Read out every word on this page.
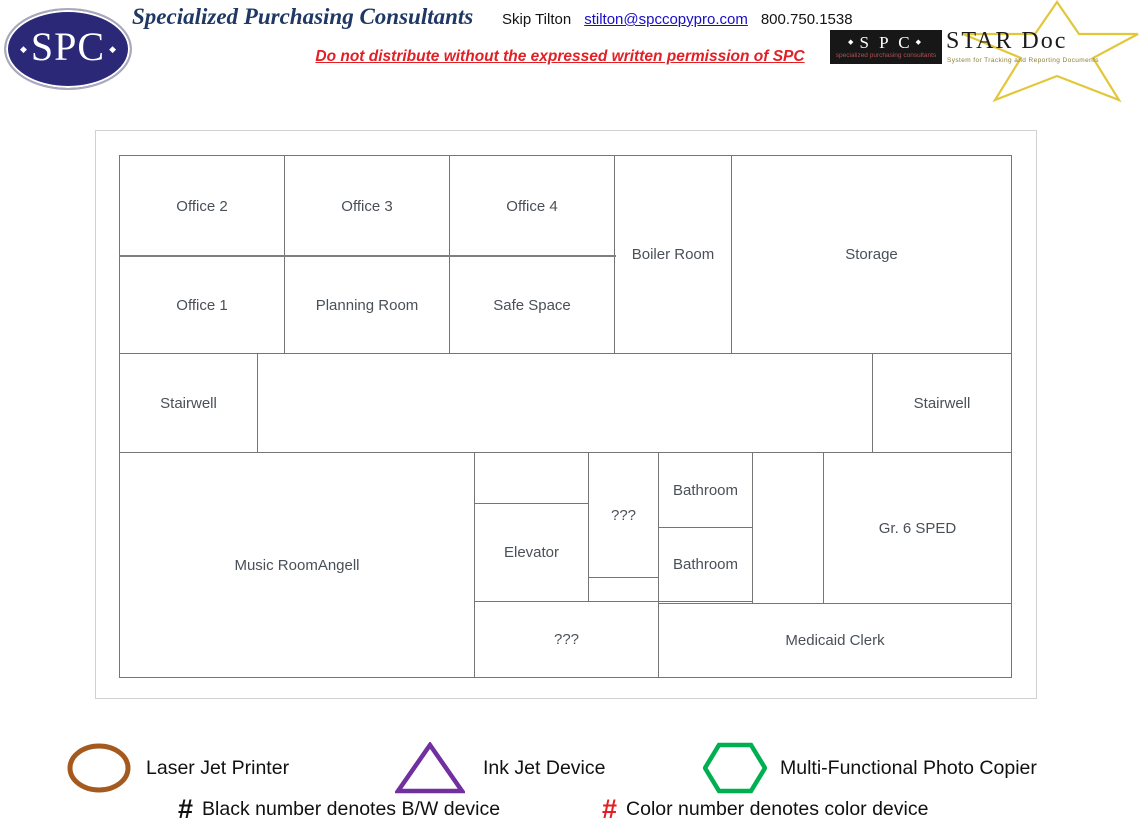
◆ SPC ◆
Specialized Purchasing Consultants Skip Tilton stilton@spccopypro.com 800.750.1538
Do not distribute without the expressed written permission of SPC
◆ S P C ◆
specialized purchasing consultants
STAR Doc
System for Tracking and Reporting Documents
Office 2	Office 3	Office 4
Office 1	Planning Room	Safe Space
Boiler Room	Storage
Stairwell	Stairwell
Music RoomAngell
Elevator
???
Bathroom
Bathroom
Gr. 6 SPED
???	Medicaid Clerk
Laser Jet Printer	Ink Jet Device	Multi-Functional Photo Copier
# Black number denotes B/W device	# Color number denotes color device
